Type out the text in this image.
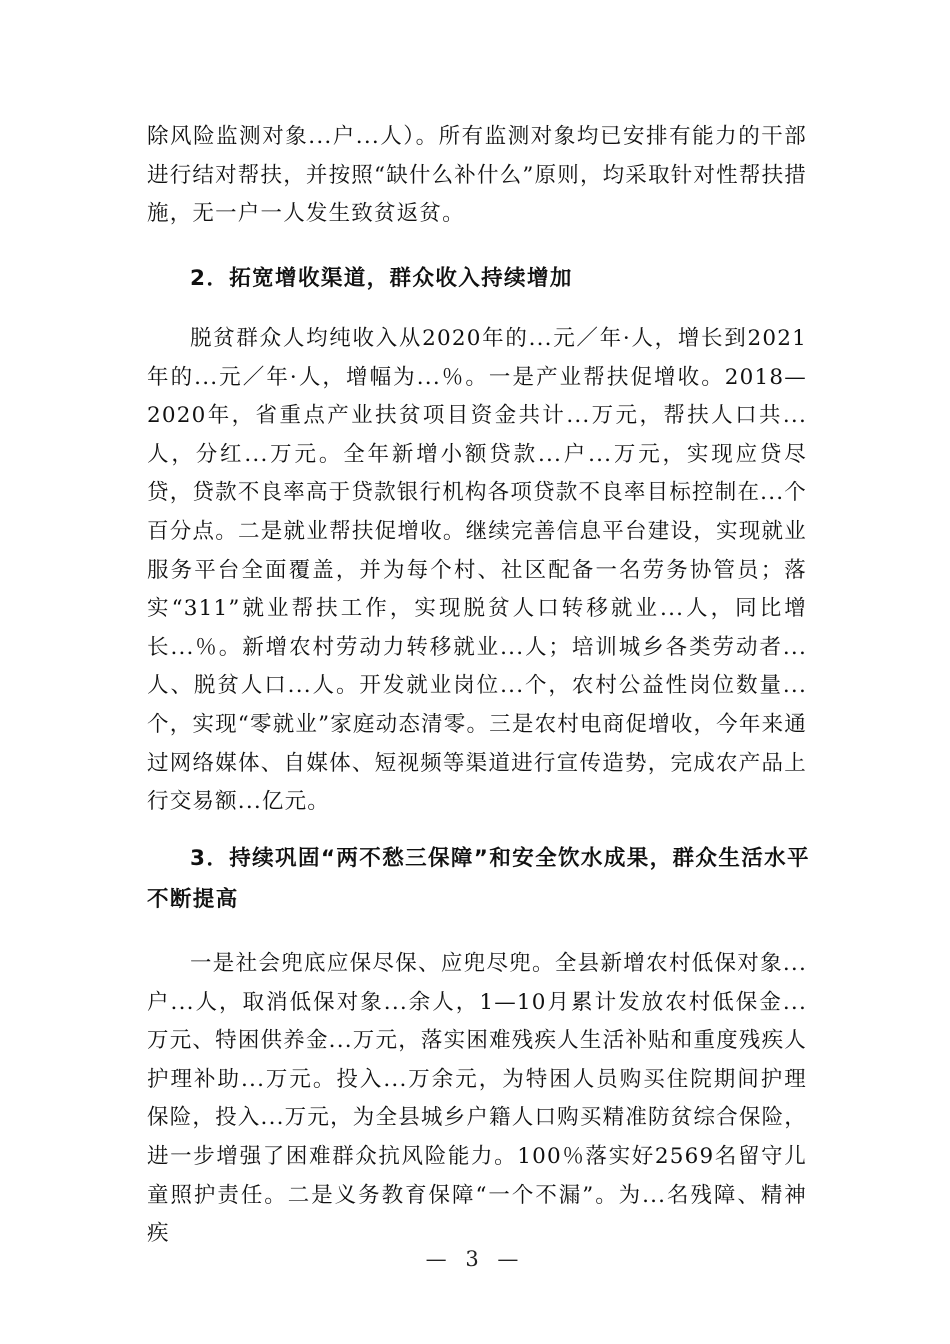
除风险监测对象...户...人）。所有监测对象均已安排有能力的干部进行结对帮扶，并按照“缺什么补什么”原则，均采取针对性帮扶措施，无一户一人发生致贫返贫。

2．拓宽增收渠道，群众收入持续增加

脱贫群众人均纯收入从2020年的...元／年·人，增长到2021年的...元／年·人，增幅为...％。一是产业帮扶促增收。2018—2020年，省重点产业扶贫项目资金共计...万元，帮扶人口共...人，分红...万元。全年新增小额贷款...户...万元，实现应贷尽贷，贷款不良率高于贷款银行机构各项贷款不良率目标控制在...个百分点。二是就业帮扶促增收。继续完善信息平台建设，实现就业服务平台全面覆盖，并为每个村、社区配备一名劳务协管员；落实“311”就业帮扶工作，实现脱贫人口转移就业...人，同比增长...％。新增农村劳动力转移就业...人；培训城乡各类劳动者...人、脱贫人口...人。开发就业岗位...个，农村公益性岗位数量...个，实现“零就业”家庭动态清零。三是农村电商促增收，今年来通过网络媒体、自媒体、短视频等渠道进行宣传造势，完成农产品上行交易额...亿元。

3．持续巩固“两不愁三保障”和安全饮水成果，群众生活水平不断提高

一是社会兜底应保尽保、应兜尽兜。全县新增农村低保对象...户...人，取消低保对象...余人，1—10月累计发放农村低保金...万元、特困供养金...万元，落实困难残疾人生活补贴和重度残疾人护理补助...万元。投入...万余元，为特困人员购买住院期间护理保险，投入...万元，为全县城乡户籍人口购买精准防贫综合保险，进一步增强了困难群众抗风险能力。100％落实好2569名留守儿童照护责任。二是义务教育保障“一个不漏”。为...名残障、精神疾

— 3 —
